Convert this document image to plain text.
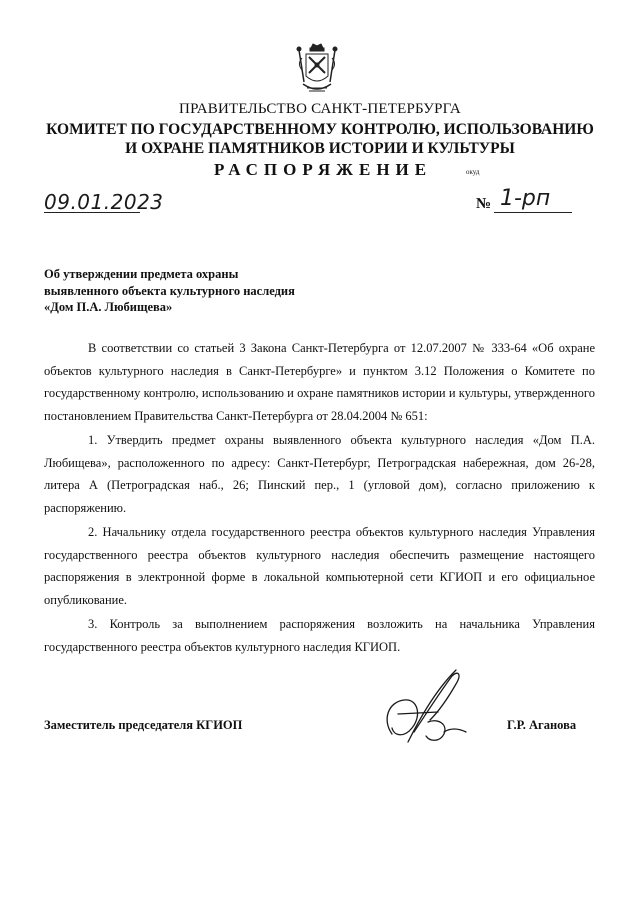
ПРАВИТЕЛЬСТВО САНКТ-ПЕТЕРБУРГА
КОМИТЕТ ПО ГОСУДАРСТВЕННОМУ КОНТРОЛЮ, ИСПОЛЬЗОВАНИЮ
И ОХРАНЕ ПАМЯТНИКОВ ИСТОРИИ И КУЛЬТУРЫ
РАСПОРЯЖЕНИЕ	окуд
09.01.2023	№ 1-рп
Об утверждении предмета охраны
выявленного объекта культурного наследия
«Дом П.А. Любищева»

В соответствии со статьей 3 Закона Санкт-Петербурга от 12.07.2007 № 333-64 «Об охране объектов культурного наследия в Санкт-Петербурге» и пунктом 3.12 Положения о Комитете по государственному контролю, использованию и охране памятников истории и культуры, утвержденного постановлением Правительства Санкт-Петербурга от 28.04.2004 № 651:

1. Утвердить предмет охраны выявленного объекта культурного наследия «Дом П.А. Любищева», расположенного по адресу: Санкт-Петербург, Петроградская набережная, дом 26-28, литера А (Петроградская наб., 26; Пинский пер., 1 (угловой дом), согласно приложению к распоряжению.

2. Начальнику отдела государственного реестра объектов культурного наследия Управления государственного реестра объектов культурного наследия обеспечить размещение настоящего распоряжения в электронной форме в локальной компьютерной сети КГИОП и его официальное опубликование.

3. Контроль за выполнением распоряжения возложить на начальника Управления государственного реестра объектов культурного наследия КГИОП.

Заместитель председателя КГИОП	Г.Р. Аганова
